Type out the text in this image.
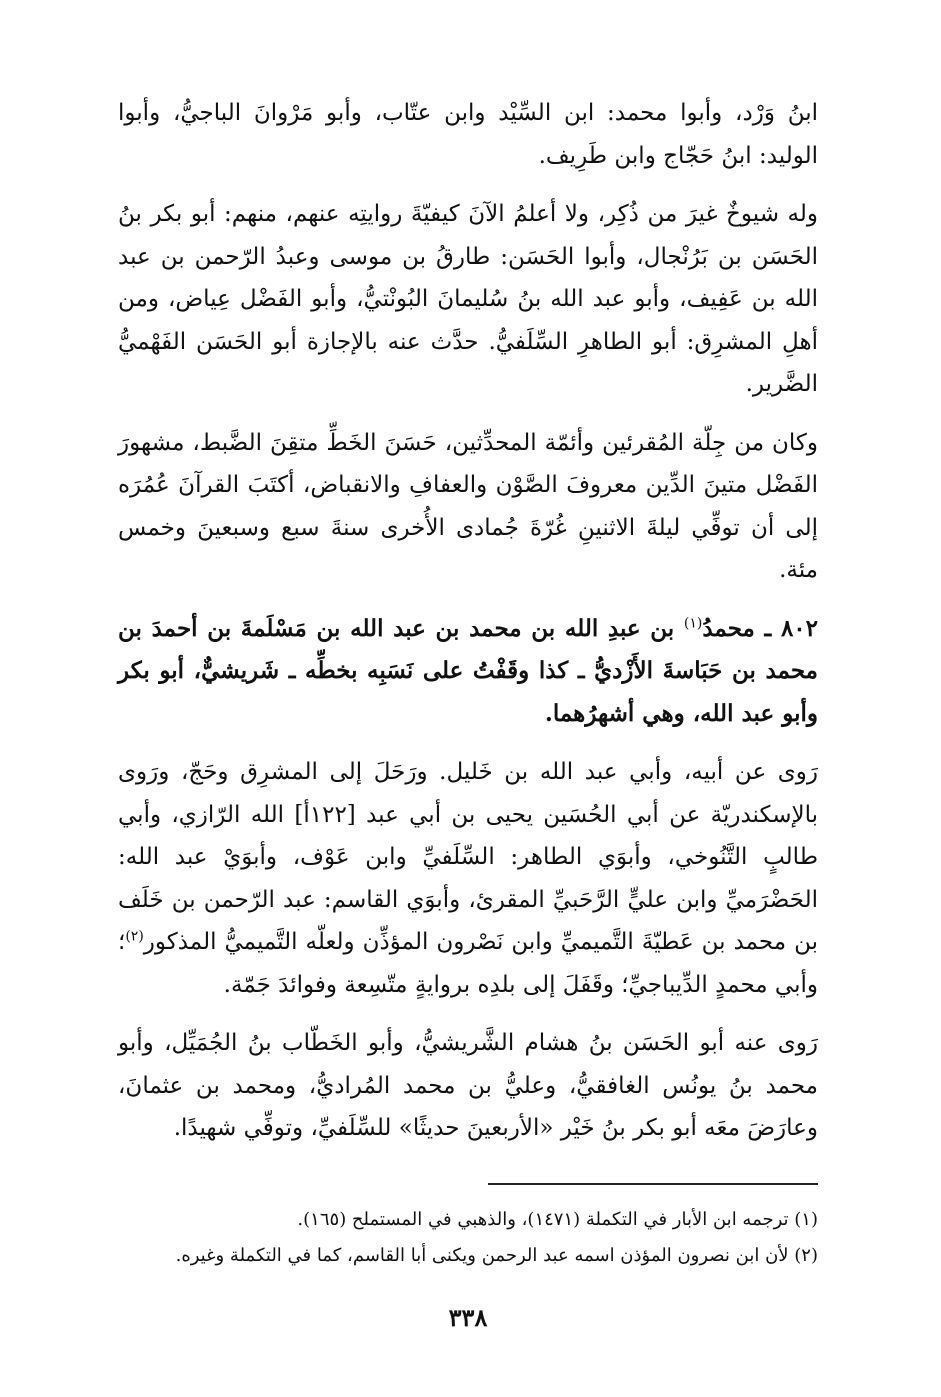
ابنُ وَرْد، وأبوا محمد: ابن السِّيْد وابن عتّاب، وأبو مَرْوانَ الباجيُّ، وأبوا الوليد: ابنُ حَجّاج وابن طَرِيف.

وله شيوخٌ غيرَ من ذُكِر، ولا أعلمُ الآنَ كيفيّةَ روايتِه عنهم، منهم: أبو بكر بنُ الحَسَن بن بَرُنْجال، وأبوا الحَسَن: طارقُ بن موسى وعبدُ الرّحمن بن عبد الله بن عَفِيف، وأبو عبد الله بنُ سُليمانَ البُونْتيُّ، وأبو الفَضْل عِياض، ومن أهلِ المشرِق: أبو الطاهرِ السِّلَفيُّ. حدَّث عنه بالإجازة أبو الحَسَن الفَهْميُّ الضَّرير.

وكان من جِلّة المُقرئين وأئمّة المحدِّثين، حَسَنَ الخَطِّ متقِنَ الضَّبط، مشهورَ الفَضْل متينَ الدِّين معروفَ الصَّوْن والعفافِ والانقباض، أكتَبَ القرآنَ عُمُرَه إلى أن توفِّي ليلةَ الاثنينِ غُرّةَ جُمادى الأُخرى سنةَ سبع وسبعينَ وخمس مئة.

٨٠٢ ـ محمدُ$^{(١)}$ بن عبدِ الله بن محمد بن عبد الله بن مَسْلَمةَ بن أحمدَ بن محمد بن حَبَاسةَ الأَزْديُّ ـ كذا وقَفْتُ على نَسَبِه بخطِّه ـ شَريشيٌّ، أبو بكر وأبو عبد الله، وهي أشهرُهما.

رَوى عن أبيه، وأبي عبد الله بن خَليل. ورَحَلَ إلى المشرِق وحَجّ، ورَوى بالإسكندريّة عن أبي الحُسَين يحيى بن أبي عبد [١٢٢أ] الله الرّازي، وأبي طالبٍ التَّنُوخي، وأبوَي الطاهر: السِّلَفيِّ وابن عَوْف، وأبوَيْ عبد الله: الحَضْرَميِّ وابن عليٍّ الرَّحَبيِّ المقرئ، وأبوَي القاسم: عبد الرّحمن بن خَلَف بن محمد بن عَطيّةَ التَّميميِّ وابن نَصْرون المؤذِّن ولعلّه التَّميميُّ المذكور$^{(٢)}$؛ وأبي محمدٍ الدِّيباجيِّ؛ وقَفَلَ إلى بلدِه بروايةٍ متّسِعة وفوائدَ جَمّة.

رَوى عنه أبو الحَسَن بنُ هشام الشَّريشيُّ، وأبو الخَطّاب بنُ الجُمَيِّل، وأبو محمد بنُ يونُس الغافقيُّ، وعليُّ بن محمد المُراديُّ، ومحمد بن عثمانَ، وعارَضَ معَه أبو بكر بنُ خَيْر «الأربعينَ حديثًا» للسِّلَفيِّ، وتوفِّي شهيدًا.

(١) ترجمه ابن الأبار في التكملة (١٤٧١)، والذهبي في المستملح (١٦٥).

(٢) لأن ابن نصرون المؤذن اسمه عبد الرحمن ويكنى أبا القاسم، كما في التكملة وغيره.

٣٣٨
